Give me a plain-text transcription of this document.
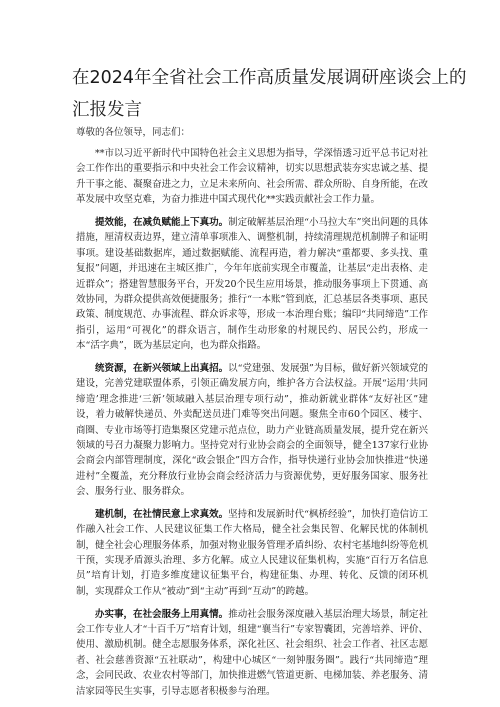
在2024年全省社会工作高质量发展调研座谈会上的
汇报发言

尊敬的各位领导，同志们：

**市以习近平新时代中国特色社会主义思想为指导，学深悟透习近平总书记对社会工作作出的重要指示和中央社会工作会议精神，切实以思想武装夯实忠诚之基、提升干事之能、凝聚奋进之力，立足未来所向、社会所需、群众所盼、自身所能，在改革发展中攻坚克难，为奋力推进中国式现代化**实践贡献社会工作力量。

提效能，在减负赋能上下真功。制定破解基层治理“小马拉大车”突出问题的具体措施，厘清权责边界，建立清单事项准入、调整机制，持续清理规范机制牌子和证明事项。建设基础数据库，通过数据赋能、流程再造，着力解决“重都要、多头找、重复报”问题，并迅速在主城区推广，今年年底前实现全市覆盖，让基层“走出表格、走近群众”；搭建智慧服务平台，开发20个民生应用场景，推动服务事项上下贯通、高效协同，为群众提供高效便捷服务；推行“一本账”管到底，汇总基层各类事项、惠民政策、制度规范、办事流程、群众诉求等，形成一本治理台账；编印“共同缔造”工作指引，运用“可视化”的群众语言，制作生动形象的村规民约、居民公约，形成一本“活字典”，既为基层定向，也为群众指路。

统资源，在新兴领域上出真招。以“党建强、发展强”为目标，做好新兴领域党的建设，完善党建联盟体系，引领正确发展方向，维护各方合法权益。开展“运用‘共同缔造’理念推进‘三新’领域融入基层治理专项行动”，推动新就业群体“友好社区”建设，着力破解快递员、外卖配送员进门难等突出问题。聚焦全市60个园区、楼宇、商圈、专业市场等打造集聚区党建示范点位，助力产业链高质量发展，提升党在新兴领域的号召力凝聚力影响力。坚持党对行业协会商会的全面领导，健全137家行业协会商会内部管理制度，深化“政会银企”四方合作，指导快递行业协会加快推进“快递进村”全覆盖，充分释放行业协会商会经济活力与资源优势，更好服务国家、服务社会、服务行业、服务群众。

建机制，在社情民意上求真效。坚持和发展新时代“枫桥经验”，加快打造信访工作融入社会工作、人民建议征集工作大格局，健全社会集民智、化解民忧的体制机制，健全社会心理服务体系，加强对物业服务管理矛盾纠纷、农村宅基地纠纷等危机干预，实现矛盾源头治理、多方化解。成立人民建议征集机构，实施“百行万名信息员”培育计划，打造多维度建议征集平台，构建征集、办理、转化、反馈的闭环机制，实现群众工作从“被动”到“主动”再到“互动”的跨越。

办实事，在社会服务上用真情。推动社会服务深度融入基层治理大场景，制定社会工作专业人才“十百千万”培育计划，组建“襄当行”专家智囊团，完善培养、评价、使用、激励机制。健全志愿服务体系，深化社区、社会组织、社会工作者、社区志愿者、社会慈善资源“五社联动”，构建中心城区“一刻钟服务圈”。践行“共同缔造”理念，会同民政、农业农村等部门，加快推进燃气管道更新、电梯加装、养老服务、清洁家园等民生实事，引导志愿者积极参与治理。
